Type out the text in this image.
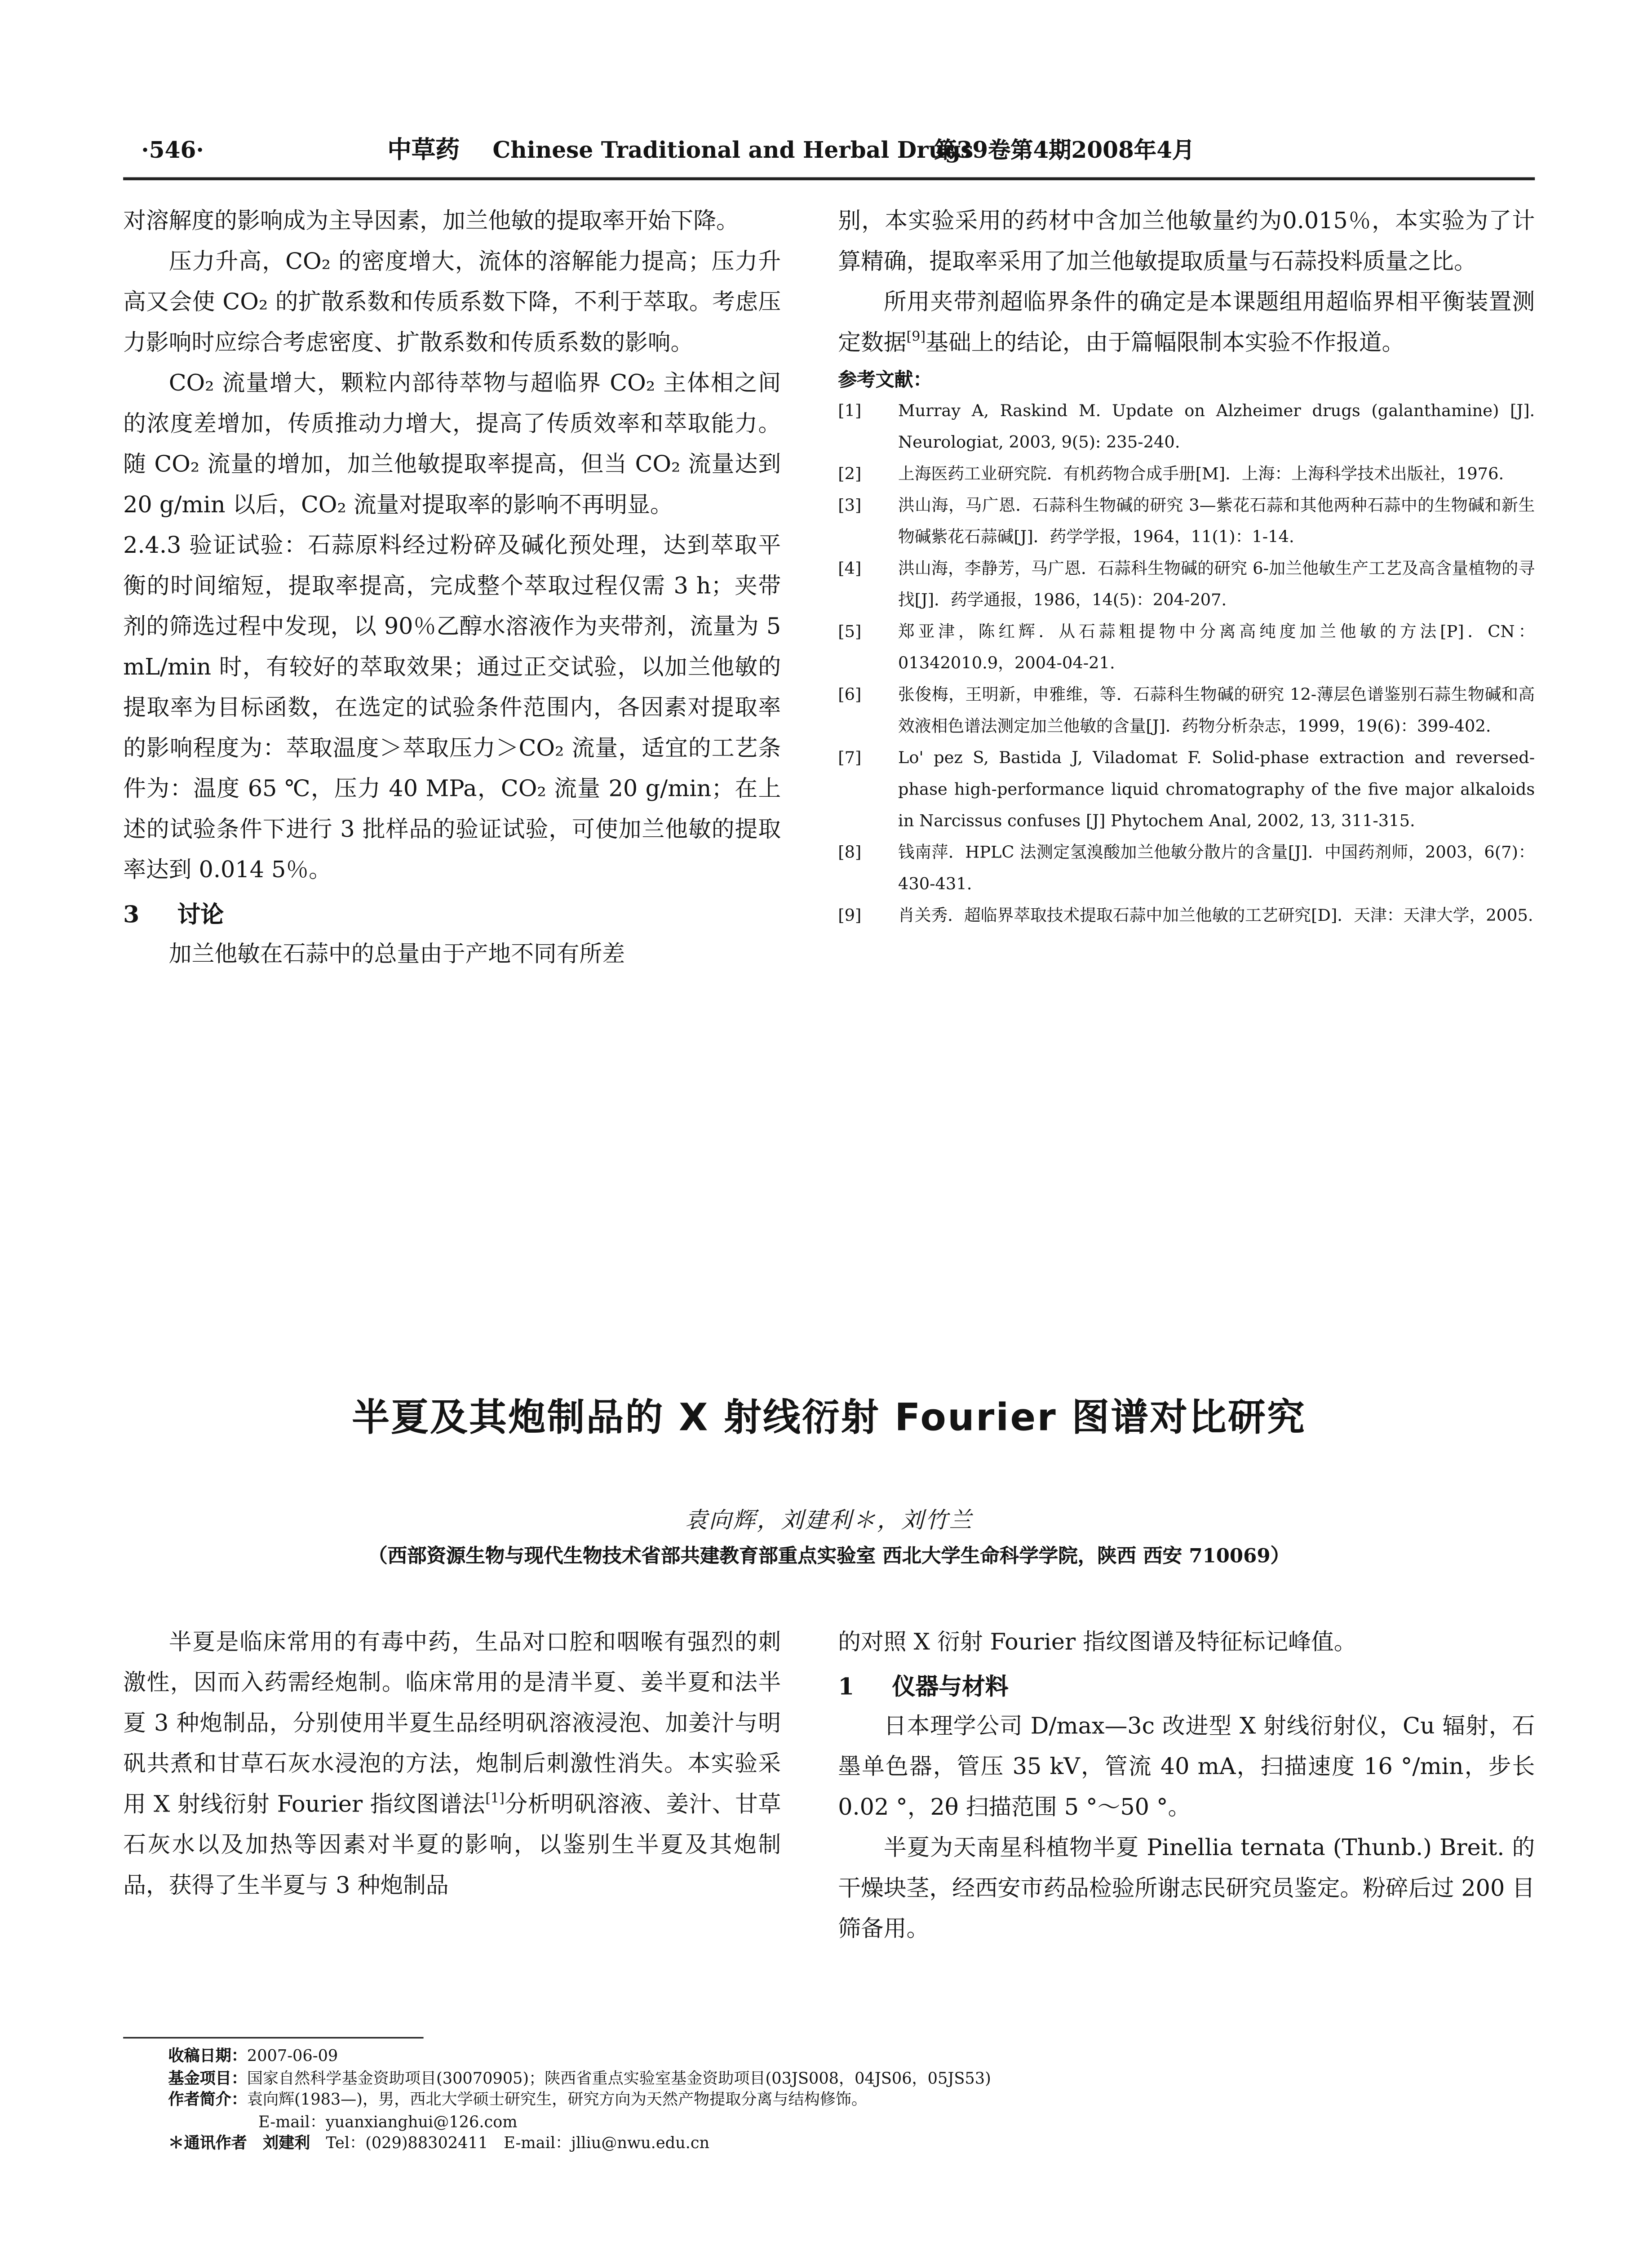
·546·	中草药	Chinese Traditional and Herbal Drugs
第39卷第4期2008年4月

对溶解度的影响成为主导因素，加兰他敏的提取率开始下降。

压力升高，CO₂ 的密度增大，流体的溶解能力提高；压力升高又会使 CO₂ 的扩散系数和传质系数下降，不利于萃取。考虑压力影响时应综合考虑密度、扩散系数和传质系数的影响。

CO₂ 流量增大，颗粒内部待萃物与超临界 CO₂ 主体相之间的浓度差增加，传质推动力增大，提高了传质效率和萃取能力。随 CO₂ 流量的增加，加兰他敏提取率提高，但当 CO₂ 流量达到 20 g/min 以后，CO₂ 流量对提取率的影响不再明显。

2.4.3 验证试验：石蒜原料经过粉碎及碱化预处理，达到萃取平衡的时间缩短，提取率提高，完成整个萃取过程仅需 3 h；夹带剂的筛选过程中发现，以 90％乙醇水溶液作为夹带剂，流量为 5 mL/min 时，有较好的萃取效果；通过正交试验，以加兰他敏的提取率为目标函数，在选定的试验条件范围内，各因素对提取率的影响程度为：萃取温度＞萃取压力＞CO₂ 流量，适宜的工艺条件为：温度 65 ℃，压力 40 MPa，CO₂ 流量 20 g/min；在上述的试验条件下进行 3 批样品的验证试验，可使加兰他敏的提取率达到 0.014 5％。

3	讨论

加兰他敏在石蒜中的总量由于产地不同有所差

别，本实验采用的药材中含加兰他敏量约为0.015％，本实验为了计算精确，提取率采用了加兰他敏提取质量与石蒜投料质量之比。

所用夹带剂超临界条件的确定是本课题组用超临界相平衡装置测定数据[9]基础上的结论，由于篇幅限制本实验不作报道。

参考文献：
[1]	Murray A, Raskind M. Update on Alzheimer drugs (galanthamine) [J]. Neurologiat, 2003, 9(5): 235-240.
[2]	上海医药工业研究院．有机药物合成手册[M]．上海：上海科学技术出版社，1976.
[3]	洪山海，马广恩．石蒜科生物碱的研究 3—紫花石蒜和其他两种石蒜中的生物碱和新生物碱紫花石蒜碱[J]．药学学报，1964，11(1)：1-14.
[4]	洪山海，李静芳，马广恩．石蒜科生物碱的研究 6-加兰他敏生产工艺及高含量植物的寻找[J]．药学通报，1986，14(5)：204-207.
[5]	郑亚津，陈红辉．从石蒜粗提物中分离高纯度加兰他敏的方法[P]．CN：01342010.9，2004-04-21.
[6]	张俊梅，王明新，申雅维，等．石蒜科生物碱的研究 12-薄层色谱鉴别石蒜生物碱和高效液相色谱法测定加兰他敏的含量[J]．药物分析杂志，1999，19(6)：399-402.
[7]	Lo' pez S, Bastida J, Viladomat F. Solid-phase extraction and reversed-phase high-performance liquid chromatography of the five major alkaloids in Narcissus confuses [J] Phytochem Anal, 2002, 13, 311-315.
[8]	钱南萍．HPLC 法测定氢溴酸加兰他敏分散片的含量[J]．中国药剂师，2003，6(7)：430-431.
[9]	肖关秀．超临界萃取技术提取石蒜中加兰他敏的工艺研究[D]．天津：天津大学，2005.
半夏及其炮制品的 X 射线衍射 Fourier 图谱对比研究
袁向辉，刘建利＊，刘竹兰
（西部资源生物与现代生物技术省部共建教育部重点实验室 西北大学生命科学学院，陕西 西安 710069）

半夏是临床常用的有毒中药，生品对口腔和咽喉有强烈的刺激性，因而入药需经炮制。临床常用的是清半夏、姜半夏和法半夏 3 种炮制品，分别使用半夏生品经明矾溶液浸泡、加姜汁与明矾共煮和甘草石灰水浸泡的方法，炮制后刺激性消失。本实验采用 X 射线衍射 Fourier 指纹图谱法[1]分析明矾溶液、姜汁、甘草石灰水以及加热等因素对半夏的影响，以鉴别生半夏及其炮制品，获得了生半夏与 3 种炮制品

的对照 X 衍射 Fourier 指纹图谱及特征标记峰值。

1	仪器与材料

日本理学公司 D/max—3c 改进型 X 射线衍射仪，Cu 辐射，石墨单色器，管压 35 kV，管流 40 mA，扫描速度 16 °/min，步长 0.02 °，2θ 扫描范围 5 °～50 °。

半夏为天南星科植物半夏 Pinellia ternata (Thunb.) Breit. 的干燥块茎，经西安市药品检验所谢志民研究员鉴定。粉碎后过 200 目筛备用。

收稿日期：2007-06-09
基金项目：国家自然科学基金资助项目(30070905)；陕西省重点实验室基金资助项目(03JS008，04JS06，05JS53)
作者简介：袁向辉(1983—)，男，西北大学硕士研究生，研究方向为天然产物提取分离与结构修饰。
E-mail：yuanxianghui@126.com
＊通讯作者　刘建利　	Tel：(029)88302411　E-mail：jlliu@nwu.edu.cn
